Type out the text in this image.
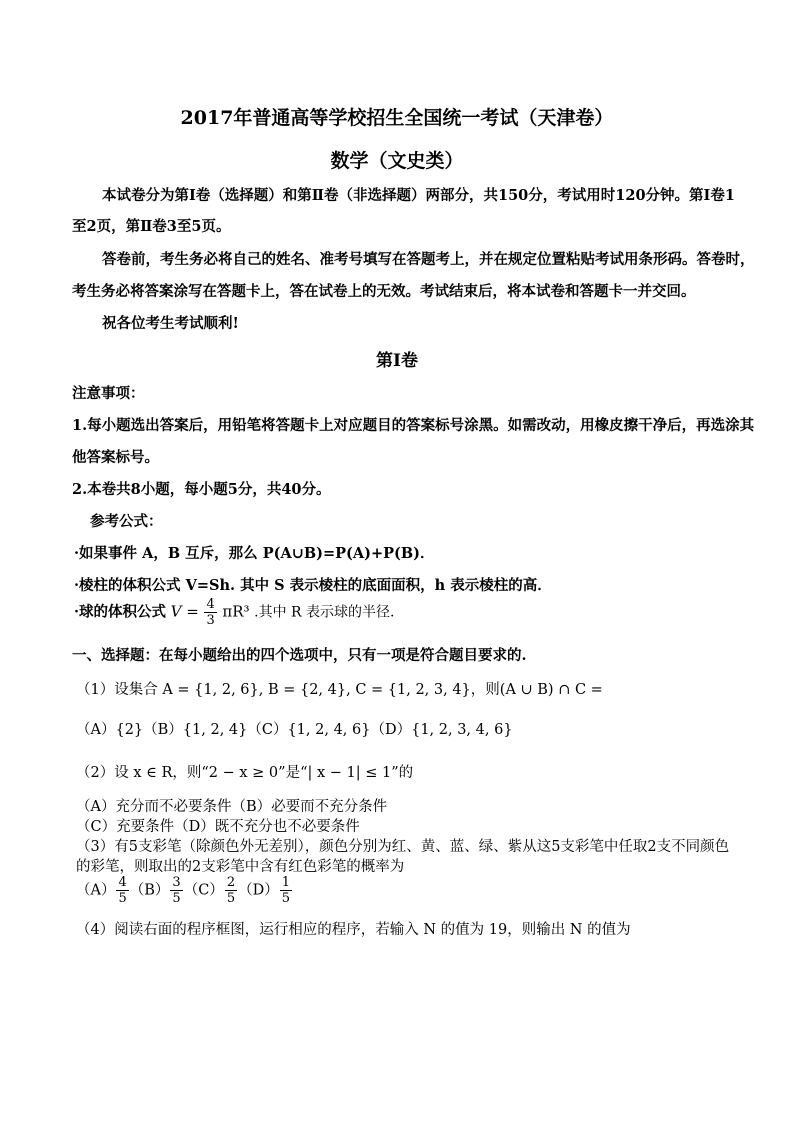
2017年普通高等学校招生全国统一考试（天津卷）
数学（文史类）
本试卷分为第Ⅰ卷（选择题）和第Ⅱ卷（非选择题）两部分，共150分，考试用时120分钟。第Ⅰ卷1
至2页，第Ⅱ卷3至5页。
答卷前，考生务必将自己的姓名、准考号填写在答题考上，并在规定位置粘贴考试用条形码。答卷时，
考生务必将答案涂写在答题卡上，答在试卷上的无效。考试结束后，将本试卷和答题卡一并交回。
祝各位考生考试顺利!
第Ⅰ卷
注意事项：
1.每小题选出答案后，用铅笔将答题卡上对应题目的答案标号涂黑。如需改动，用橡皮擦干净后，再选涂其
他答案标号。
2.本卷共8小题，每小题5分，共40分。
参考公式：
·如果事件 A，B 互斥，那么 P(A∪B)=P(A)+P(B)．
·棱柱的体积公式 V=Sh. 其中 S 表示棱柱的底面面积，h 表示棱柱的高．
·球的体积公式 $V = \frac{4}{3} \pi R^3$ .其中 R 表示球的半径.
一、选择题：在每小题给出的四个选项中，只有一项是符合题目要求的.
（1）设集合 A = {1, 2, 6}, B = {2, 4}, C = {1, 2, 3, 4}，则(A ∪ B) ∩ C =
（A）{2}（B）{1, 2, 4}（C）{1, 2, 4, 6}（D）{1, 2, 3, 4, 6}
（2）设 x ∈ R，则“2 − x ≥ 0”是“| x − 1| ≤ 1”的
（A）充分而不必要条件（B）必要而不充分条件
（C）充要条件（D）既不充分也不必要条件
（3）有5支彩笔（除颜色外无差别），颜色分别为红、黄、蓝、绿、紫从这5支彩笔中任取2支不同颜色
的彩笔，则取出的2支彩笔中含有红色彩笔的概率为
$(A) \frac{4}{5} (B) \frac{3}{5} (C) \frac{2}{5} (D) \frac{1}{5}$
（4）阅读右面的程序框图，运行相应的程序，若输入 N 的值为 19，则输出 N 的值为
